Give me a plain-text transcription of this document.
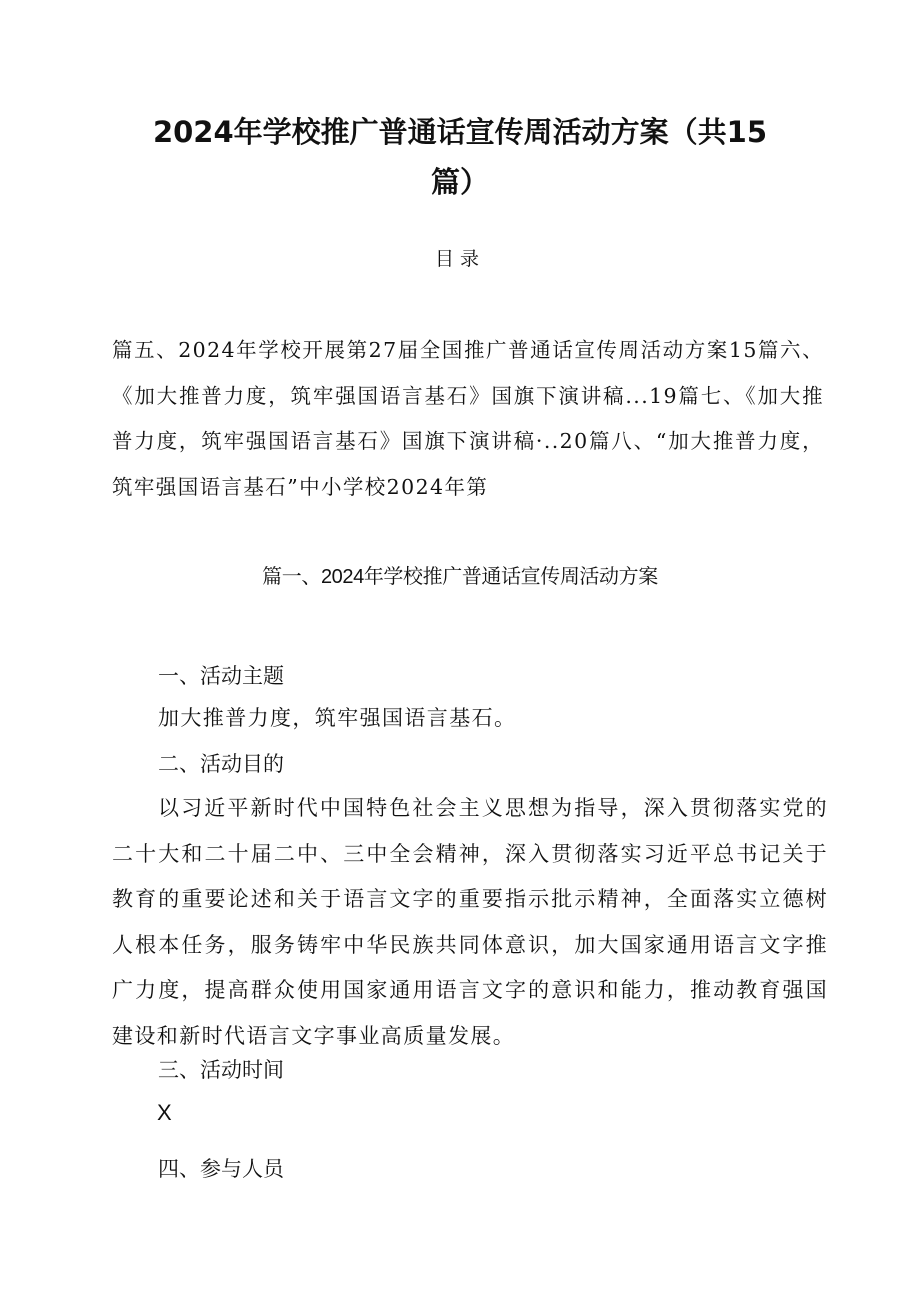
2024年学校推广普通话宣传周活动方案（共15
篇）
目录
篇五、2024年学校开展第27届全国推广普通话宣传周活动方案15篇六、《加大推普力度，筑牢强国语言基石》国旗下演讲稿...19篇七、《加大推普力度，筑牢强国语言基石》国旗下演讲稿·..20篇八、“加大推普力度，筑牢强国语言基石”中小学校2024年第
篇一、2024年学校推广普通话宣传周活动方案
一、活动主题
加大推普力度，筑牢强国语言基石。
二、活动目的
以习近平新时代中国特色社会主义思想为指导，深入贯彻落实党的二十大和二十届二中、三中全会精神，深入贯彻落实习近平总书记关于教育的重要论述和关于语言文字的重要指示批示精神，全面落实立德树人根本任务，服务铸牢中华民族共同体意识，加大国家通用语言文字推广力度，提高群众使用国家通用语言文字的意识和能力，推动教育强国建设和新时代语言文字事业高质量发展。
三、活动时间
X
四、参与人员
